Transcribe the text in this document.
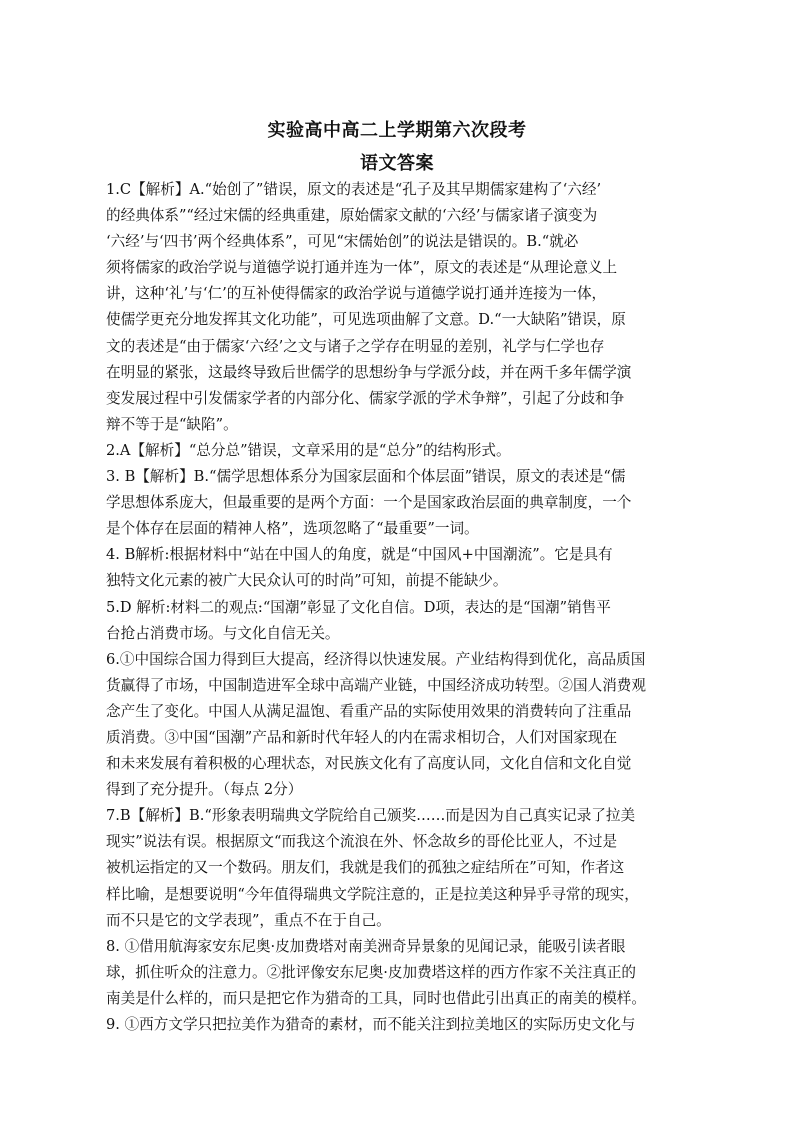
实验高中高二上学期第六次段考
语文答案
1.C【解析】A.“始创了”错误，原文的表述是“孔子及其早期儒家建构了‘六经’
的经典体系”“经过宋儒的经典重建，原始儒家文献的‘六经’与儒家诸子演变为
‘六经’与‘四书’两个经典体系”，可见“宋儒始创”的说法是错误的。B.“就必
须将儒家的政治学说与道德学说打通并连为一体”，原文的表述是“从理论意义上
讲，这种‘礼’与‘仁’的互补使得儒家的政治学说与道德学说打通并连接为一体，
使儒学更充分地发挥其文化功能”，可见选项曲解了文意。D.“一大缺陷”错误，原
文的表述是“由于儒家‘六经’之文与诸子之学存在明显的差别，礼学与仁学也存
在明显的紧张，这最终导致后世儒学的思想纷争与学派分歧，并在两千多年儒学演
变发展过程中引发儒家学者的内部分化、儒家学派的学术争辩”，引起了分歧和争
辩不等于是“缺陷”。
2.A【解析】“总分总”错误，文章采用的是“总分”的结构形式。
3. B【解析】B.“儒学思想体系分为国家层面和个体层面”错误，原文的表述是“儒
学思想体系庞大，但最重要的是两个方面：一个是国家政治层面的典章制度，一个
是个体存在层面的精神人格”，选项忽略了“最重要”一词。
4. B解析:根据材料中“站在中国人的角度，就是“中国风+中国潮流”。它是具有
独特文化元素的被广大民众认可的时尚”可知，前提不能缺少。
5.D 解析:材料二的观点:“国潮”彰显了文化自信。D项，表达的是“国潮”销售平
台抢占消费市场。与文化自信无关。
6.①中国综合国力得到巨大提高，经济得以快速发展。产业结构得到优化，高品质国
货赢得了市场，中国制造进军全球中高端产业链，中国经济成功转型。②国人消费观
念产生了变化。中国人从满足温饱、看重产品的实际使用效果的消费转向了注重品
质消费。③中国“国潮”产品和新时代年轻人的内在需求相切合，人们对国家现在
和未来发展有着积极的心理状态，对民族文化有了高度认同，文化自信和文化自觉
得到了充分提升。（每点 2分）
7.B【解析】B.“形象表明瑞典文学院给自己颁奖……而是因为自己真实记录了拉美
现实”说法有误。根据原文“而我这个流浪在外、怀念故乡的哥伦比亚人，不过是
被机运指定的又一个数码。朋友们，我就是我们的孤独之症结所在”可知，作者这
样比喻，是想要说明“今年值得瑞典文学院注意的，正是拉美这种异乎寻常的现实，
而不只是它的文学表现”，重点不在于自己。
8. ①借用航海家安东尼奥·皮加费塔对南美洲奇异景象的见闻记录，能吸引读者眼
球，抓住听众的注意力。②批评像安东尼奥·皮加费塔这样的西方作家不关注真正的
南美是什么样的，而只是把它作为猎奇的工具，同时也借此引出真正的南美的模样。
9. ①西方文学只把拉美作为猎奇的素材，而不能关注到拉美地区的实际历史文化与
